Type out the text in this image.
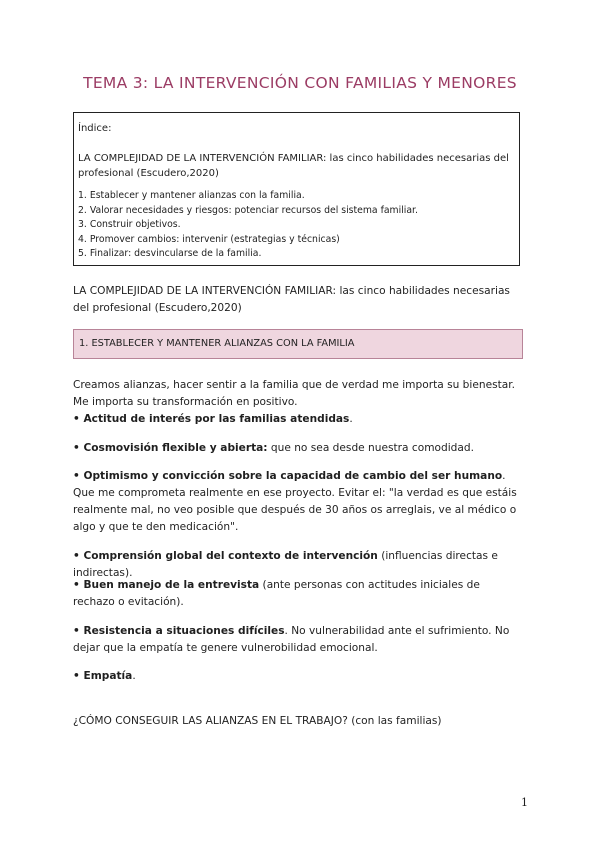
TEMA 3: LA INTERVENCIÓN CON FAMILIAS Y MENORES
Índice:
LA COMPLEJIDAD DE LA INTERVENCIÓN FAMILIAR: las cinco habilidades necesarias del profesional (Escudero,2020)
1. Establecer y mantener alianzas con la familia.
2. Valorar necesidades y riesgos: potenciar recursos del sistema familiar.
3. Construir objetivos.
4. Promover cambios: intervenir (estrategias y técnicas)
5. Finalizar: desvincularse de la familia.
LA COMPLEJIDAD DE LA INTERVENCIÓN FAMILIAR: las cinco habilidades necesarias del profesional (Escudero,2020)
1. ESTABLECER Y MANTENER ALIANZAS CON LA FAMILIA
Creamos alianzas, hacer sentir a la familia que de verdad me importa su bienestar. Me importa su transformación en positivo.
• Actitud de interés por las familias atendidas.
• Cosmovisión flexible y abierta: que no sea desde nuestra comodidad.
• Optimismo y convicción sobre la capacidad de cambio del ser humano. Que me comprometa realmente en ese proyecto. Evitar el: "la verdad es que estáis realmente mal, no veo posible que después de 30 años os arreglais, ve al médico o algo y que te den medicación".
• Comprensión global del contexto de intervención (influencias directas e indirectas).
• Buen manejo de la entrevista (ante personas con actitudes iniciales de rechazo o evitación).
• Resistencia a situaciones difíciles. No vulnerabilidad ante el sufrimiento. No dejar que la empatía te genere vulnerobilidad emocional.
• Empatía.
¿CÓMO CONSEGUIR LAS ALIANZAS EN EL TRABAJO? (con las familias)
1
